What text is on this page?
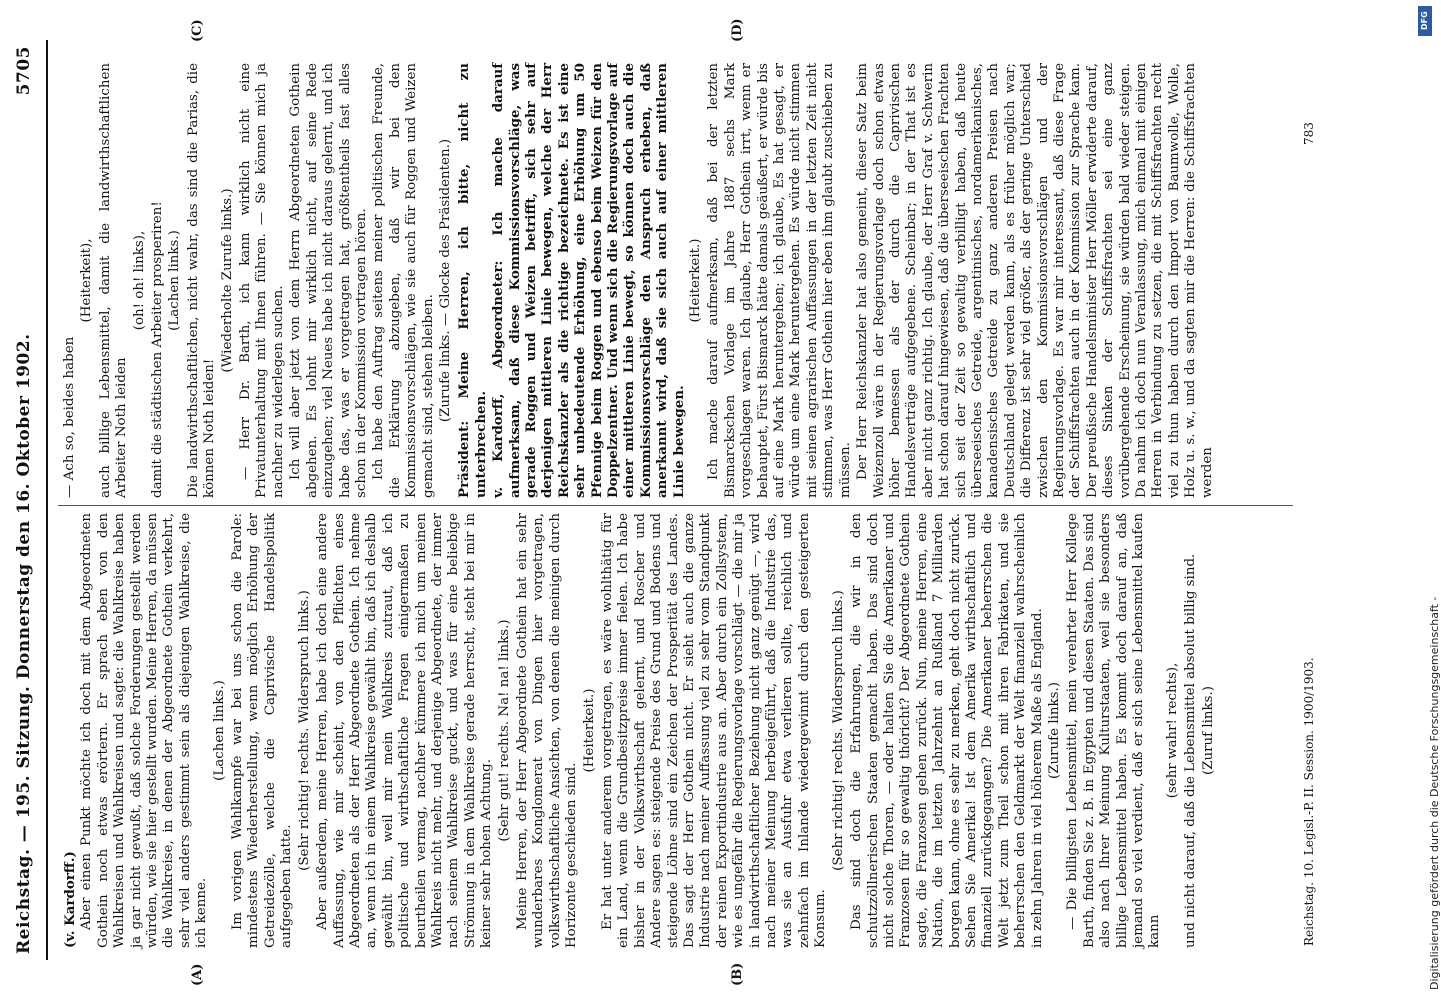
Reichstag. — 195. Sitzung. Donnerstag den 16. Oktober 1902.
5705
(A)	(B)
(C)	(D)

(v. Kardorff.) Aber einen Punkt möchte ich doch mit dem Abgeordneten Gothein noch etwas erörtern. Er sprach eben von den Wahlkreisen und Wahlkreisen und sagte: die Wahlkreise haben ja gar nicht gewußt, daß solche Forderungen gestellt werden würden, wie sie hier gestellt wurden. Meine Herren, da müssen die Wahlkreise, in denen der Abgeordnete Gothein verkehrt, sehr viel anders gestimmt sein als diejenigen Wahlkreise, die ich kenne.

(Lachen links.) Im vorigen Wahlkampfe war bei uns schon die Parole: mindestens Wiederherstellung, wenn möglich Erhöhung der Getreidezölle, welche die Caprivische Handelspolitik aufgegeben hatte.

(Sehr richtig! rechts. Widerspruch links.) Aber außerdem, meine Herren, habe ich doch eine andere Auffassung, wie mir scheint, von den Pflichten eines Abgeordneten als der Herr Abgeordnete Gothein. Ich nehme an, wenn ich in einem Wahlkreise gewählt bin, daß ich deshalb gewählt bin, weil mir mein Wahlkreis zutraut, daß ich politische und wirthschaftliche Fragen einigermaßen zu beurtheilen vermag, nachher kümmere ich mich um meinen Wahlkreis nicht mehr, und derjenige Abgeordnete, der immer nach seinem Wahlkreise guckt, und was für eine beliebige Strömung in dem Wahlkreise gerade herrscht, steht bei mir in keiner sehr hohen Achtung.

(Sehr gut! rechts. Na! na! links.) Meine Herren, der Herr Abgeordnete Gothein hat ein sehr wunderbares Konglomerat von Dingen hier vorgetragen, volkswirthschaftliche Ansichten, von denen die meinigen durch Horizonte geschieden sind.

(Heiterkeit.) Er hat unter anderem vorgetragen, es wäre wohlthätig für ein Land, wenn die Grundbesitzpreise immer fielen. Ich habe bisher in der Volkswirthschaft gelernt, und Roscher und Andere sagen es: steigende Preise des Grund und Bodens und steigende Löhne sind ein Zeichen der Prosperität des Landes. Das sagt der Herr Gothein nicht. Er sieht auch die ganze Industrie nach meiner Auffassung viel zu sehr vom Standpunkt der reinen Exportindustrie aus an. Aber durch ein Zollsystem, wie es ungefähr die Regierungsvorlage vorschlägt — die mir ja in landwirthschaftlicher Beziehung nicht ganz genügt —, wird nach meiner Meinung herbeigeführt, daß die Industrie das, was sie an Ausfuhr etwa verlieren sollte, reichlich und zehnfach im Inlande wiedergewinnt durch den gesteigerten Konsum.

(Sehr richtig! rechts. Widerspruch links.) Das sind doch die Erfahrungen, die wir in den schutzzöllnerischen Staaten gemacht haben. Das sind doch nicht solche Thoren, — oder halten Sie die Amerikaner und Franzosen für so gewaltig thöricht? Der Abgeordnete Gothein sagte, die Franzosen gehen zurück. Nun, meine Herren, eine Nation, die im letzten Jahrzehnt an Rußland 7 Milliarden borgen kann, ohne es sehr zu merken, geht doch nicht zurück. Sehen Sie Amerika! Ist dem Amerika wirthschaftlich und finanziell zurückgegangen? Die Amerikaner beherrschen die Welt jetzt zum Theil schon mit ihren Fabrikaten, und sie beherrschen den Geldmarkt der Welt finanziell wahrscheinlich in zehn Jahren in viel höherem Maße als England. (Zurufe links.) — Die billigsten Lebensmittel, mein verehrter Herr Kollege Barth, finden Sie z. B. in Egypten und diesen Staaten. Das sind also nach Ihrer Meinung Kulturstaaten, weil sie besonders billige Lebensmittel haben. Es kommt doch darauf an, daß jemand so viel verdient, daß er sich seine Lebensmittel kaufen kann

(sehr wahr! rechts), und nicht darauf, daß die Lebensmittel absolut billig sind. (Zuruf links.)

— Ach so, beides haben

(Heiterkeit), auch billige Lebensmittel, damit die landwirthschaftlichen Arbeiter Noth leiden

(oh! oh! links), damit die städtischen Arbeiter prosperiren! (Lachen links.) Die landwirthschaftlichen, nicht wahr, das sind die Parias, die können Noth leiden!

(Wiederholte Zurufe links.) — Herr Dr. Barth, ich kann wirklich nicht eine Privatunterhaltung mit Ihnen führen. — Sie können mich ja nachher zu widerlegen suchen. Ich will aber jetzt von dem Herrn Abgeordneten Gothein abgehen. Es lohnt mir wirklich nicht, auf seine Rede einzugehen; viel Neues habe ich nicht daraus gelernt, und ich habe das, was er vorgetragen hat, größtentheils fast alles schon in der Kommission vortragen hören. Ich habe den Auftrag seitens meiner politischen Freunde, die Erklärung abzugeben, daß wir bei den Kommissionsvorschlägen, wie sie auch für Roggen und Weizen gemacht sind, stehen bleiben. (Zurufe links. — Glocke des Präsidenten.) Präsident: Meine Herren, ich bitte, nicht zu unterbrechen. v. Kardorff, Abgeordneter: Ich mache darauf aufmerksam, daß diese Kommissionsvorschläge, was gerade Roggen und Weizen betrifft, sich sehr auf derjenigen mittleren Linie bewegen, welche der Herr Reichskanzler als die richtige bezeichnete. Es ist eine sehr unbedeutende Erhöhung, eine Erhöhung um 50 Pfennige beim Roggen und ebenso beim Weizen für den Doppelzentner. Und wenn sich die Regierungsvorlage auf einer mittleren Linie bewegt, so können doch auch die Kommissionsvorschläge den Anspruch erheben, daß anerkannt wird, daß sie sich auch auf einer mittleren Linie bewegen.

(Heiterkeit.) Ich mache darauf aufmerksam, daß bei der letzten Bismarckschen Vorlage im Jahre 1887 sechs Mark vorgeschlagen waren. Ich glaube, Herr Gothein irrt, wenn er behauptet, Fürst Bismarck hätte damals geäußert, er würde bis auf eine Mark heruntergehen; ich glaube, Es hat gesagt, er würde um eine Mark heruntergehen. Es würde nicht stimmen mit seinen agrarischen Auffassungen in der letzten Zeit nicht stimmen, was Herr Gothein hier eben ihm glaubt zuschieben zu müssen. Der Herr Reichskanzler hat also gemeint, dieser Satz beim Weizenzoll wäre in der Regierungsvorlage doch schon etwas höher bemessen als der durch die Caprivischen Handelsverträge aufgegebene. Scheinbar; in der That ist es aber nicht ganz richtig. Ich glaube, der Herr Graf v. Schwerin hat schon darauf hingewiesen, daß die überseeischen Frachten sich seit der Zeit so gewaltig verbilligt haben, daß heute überseeisches Getreide, argentinisches, nordamerikanisches, kanadensisches Getreide zu ganz anderen Preisen nach Deutschland gelegt werden kann, als es früher möglich war; die Differenz ist sehr viel größer, als der geringe Unterschied zwischen den Kommissionsvorschlägen und der Regierungsvorlage. Es war mir interessant, daß diese Frage der Schiffsfrachten auch in der Kommission zur Sprache kam. Der preußische Handelsminister Herr Möller erwiderte darauf, dieses Sinken der Schiffsfrachten sei eine ganz vorübergehende Erscheinung, sie würden bald wieder steigen. Da nahm ich doch nun Veranlassung, mich einmal mit einigen Herren in Verbindung zu setzen, die mit Schiffsfrachten recht viel zu thun haben durch den Import von Baumwolle, Wolle, Holz u. s. w., und da sagten mir die Herren: die Schiffsfrachten werden

Reichstag. 10. Legisl.-P. II. Session. 1900/1903.
783
DFG
Digitalisierung gefördert durch die Deutsche Forschungsgemeinschaft -
